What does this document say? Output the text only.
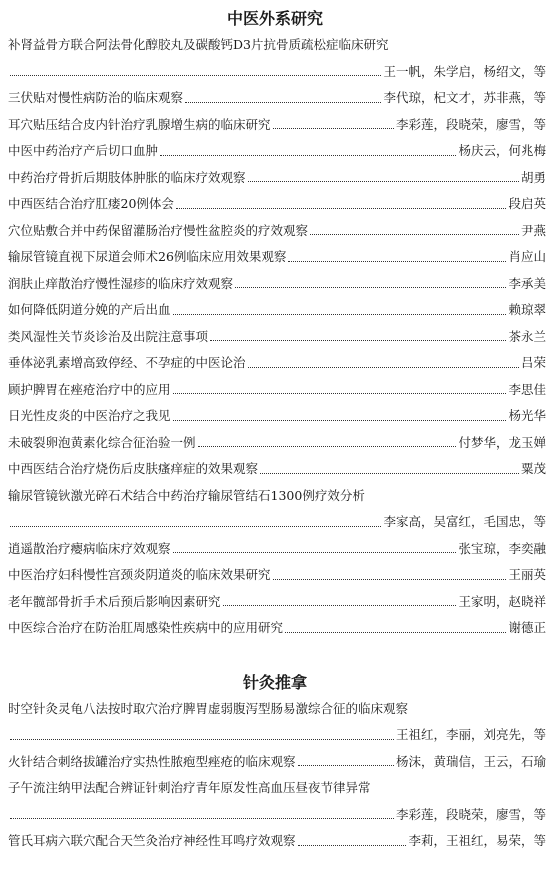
中医外系研究
补肾益骨方联合阿法骨化醇胶丸及碳酸钙D3片抗骨质疏松症临床研究
王一帆，朱学启，杨绍文，等
三伏贴对慢性病防治的临床观察	李代琼，杞文才，苏非燕，等
耳穴贴压结合皮内针治疗乳腺增生病的临床研究	李彩莲，段晓荣，廖雪，等
中医中药治疗产后切口血肿	杨庆云，何兆梅
中药治疗骨折后期肢体肿胀的临床疗效观察	胡勇
中西医结合治疗肛瘘20例体会	段启英
穴位贴敷合并中药保留灌肠治疗慢性盆腔炎的疗效观察	尹燕
输尿管镜直视下尿道会师术26例临床应用效果观察	肖应山
润肤止痒散治疗慢性湿疹的临床疗效观察	李承美
如何降低阴道分娩的产后出血	赖琼翠
类风湿性关节炎诊治及出院注意事项	茶永兰
垂体泌乳素增高致停经、不孕症的中医论治	吕荣
顾护脾胃在痤疮治疗中的应用	李思佳
日光性皮炎的中医治疗之我见	杨光华
未破裂卵泡黄素化综合征治验一例	付梦华，龙玉婵
中西医结合治疗烧伤后皮肤瘙痒症的效果观察	粟茂
输尿管镜钬激光碎石术结合中药治疗输尿管结石1300例疗效分析
李家高，吴富红，毛国忠，等
逍遥散治疗瘿病临床疗效观察	张宝琼，李奕融
中医治疗妇科慢性宫颈炎阴道炎的临床效果研究	王丽英
老年髋部骨折手术后预后影响因素研究	王家明，赵晓祥
中医综合治疗在防治肛周感染性疾病中的应用研究	谢德正
针灸推拿
时空针灸灵龟八法按时取穴治疗脾胃虚弱腹泻型肠易激综合征的临床观察
王祖红，李丽，刘亮先，等
火针结合刺络拔罐治疗实热性脓疱型痤疮的临床观察	杨沫，黄瑞信，王云，石瑜
子午流注纳甲法配合辨证针刺治疗青年原发性高血压昼夜节律异常
李彩莲，段晓荣，廖雪，等
管氏耳病六联穴配合天竺灸治疗神经性耳鸣疗效观察	李莉，王祖红，易荣，等
